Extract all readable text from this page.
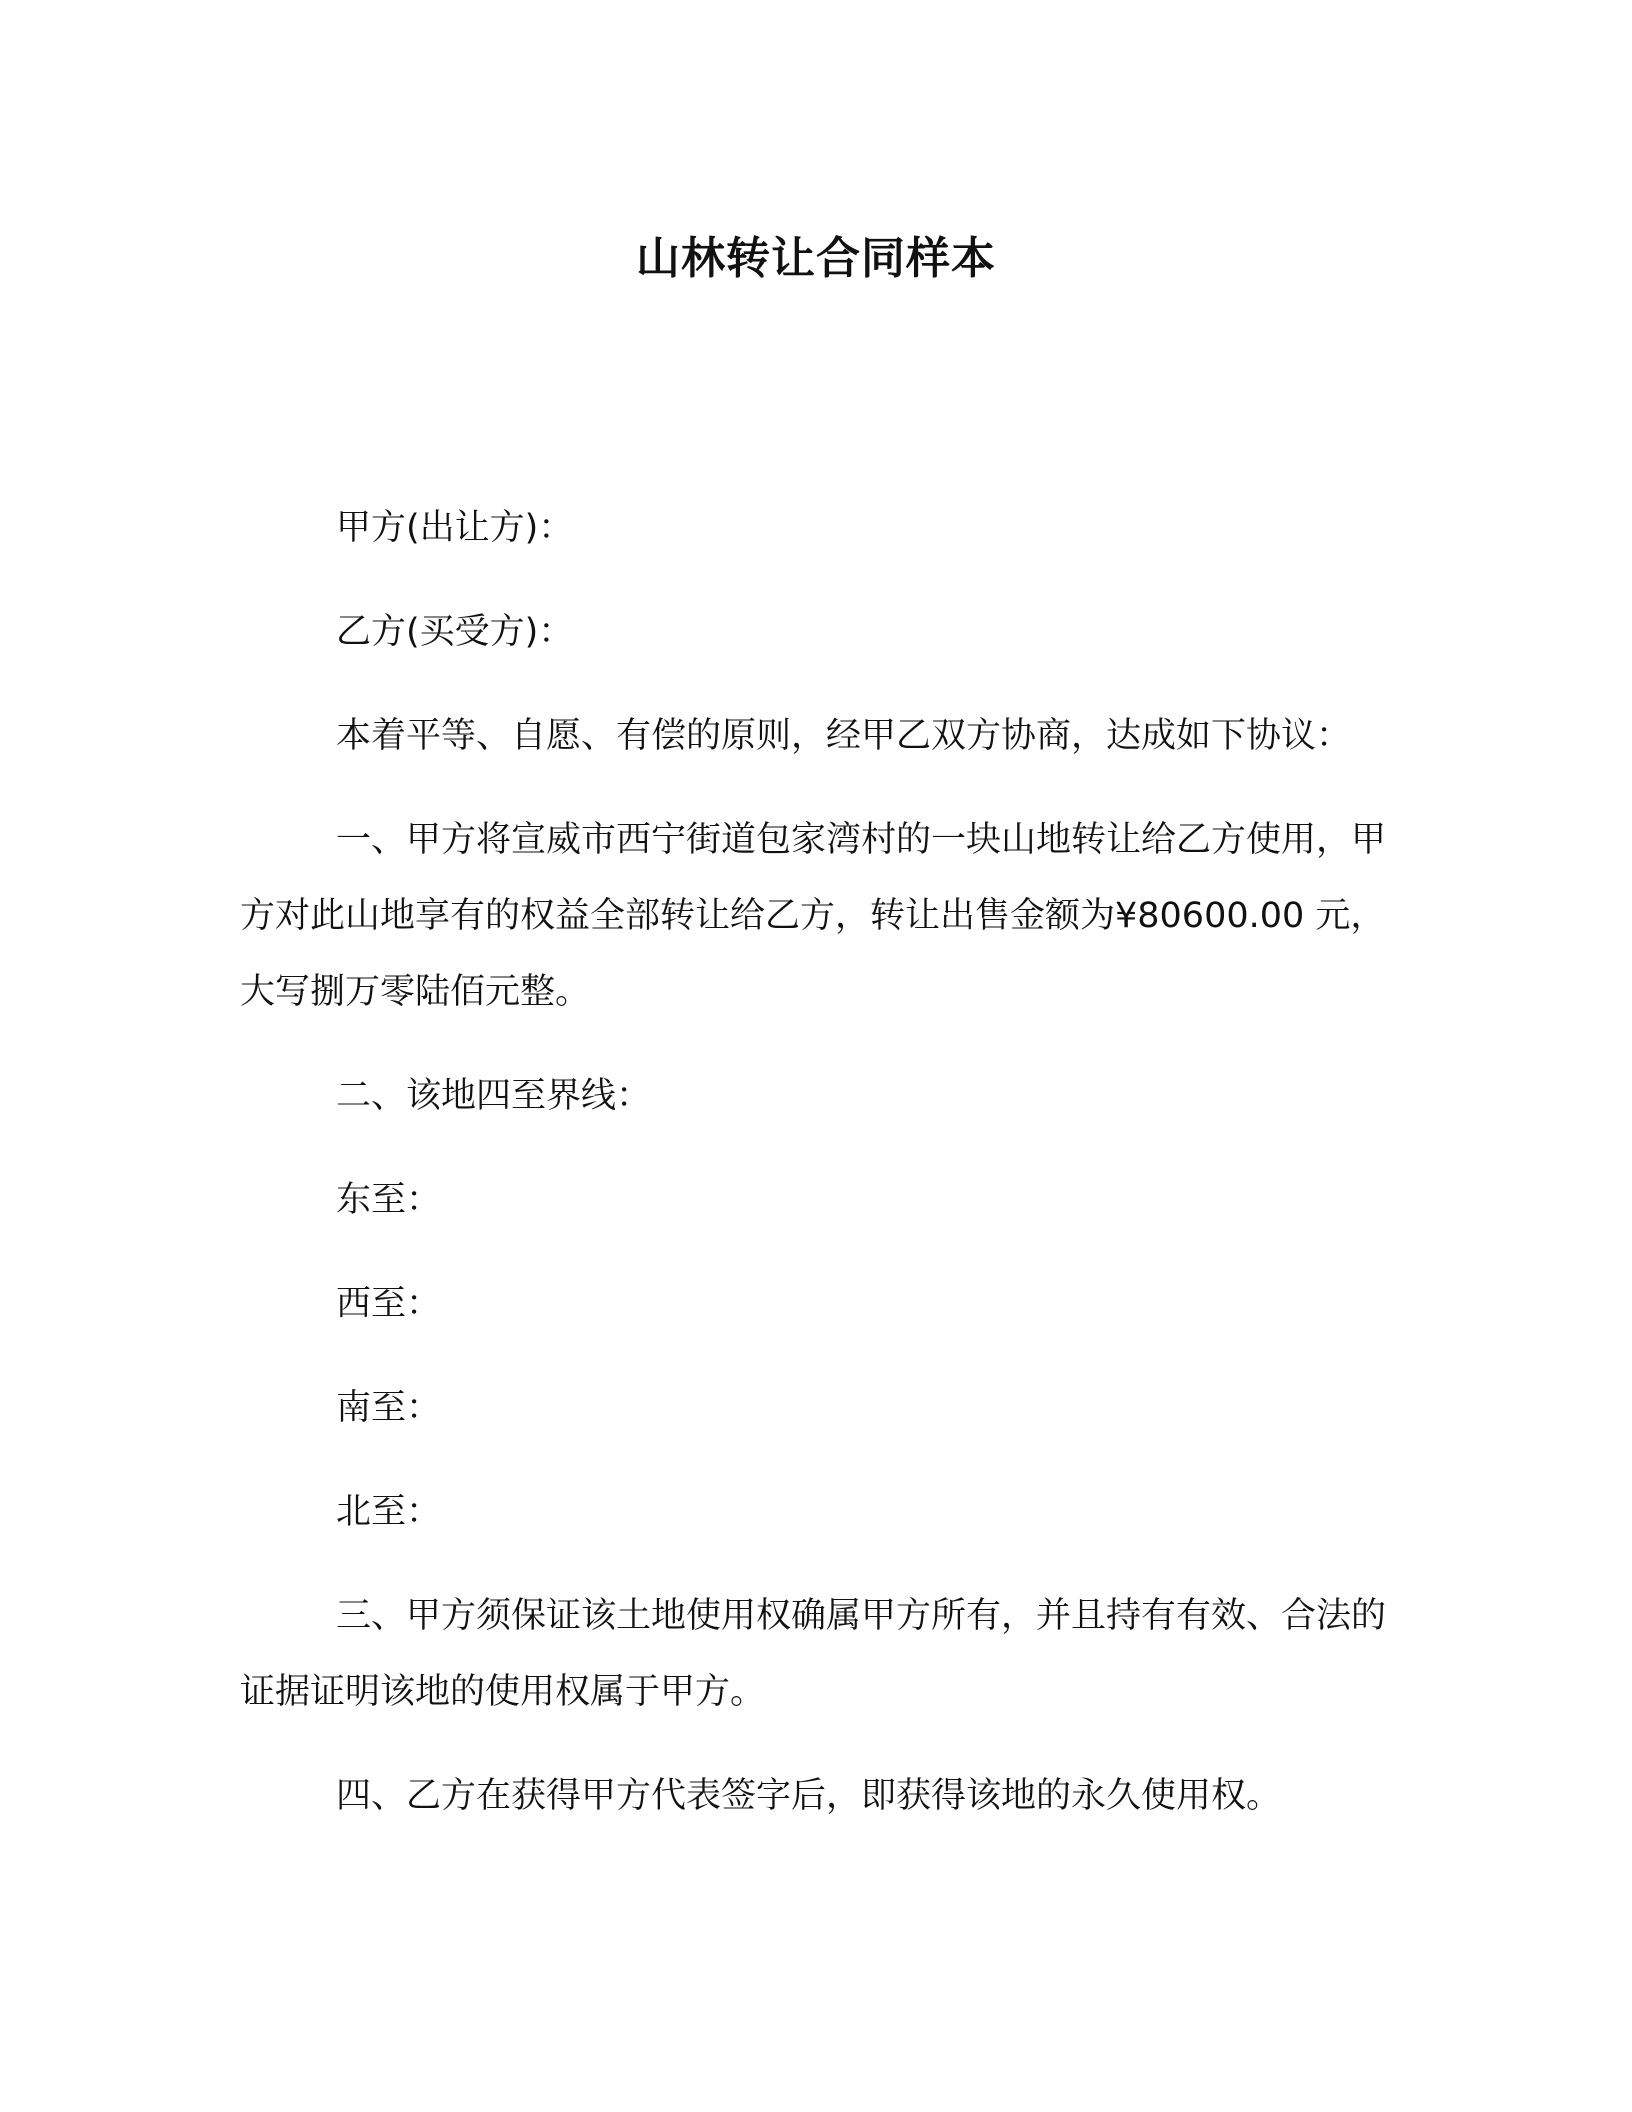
山林转让合同样本

甲方(出让方)：

乙方(买受方)：

本着平等、自愿、有偿的原则，经甲乙双方协商，达成如下协议：

一、甲方将宣威市西宁街道包家湾村的一块山地转让给乙方使用，甲方对此山地享有的权益全部转让给乙方，转让出售金额为¥80600.00 元，大写捌万零陆佰元整。

二、该地四至界线：

东至：

西至：

南至：

北至：

三、甲方须保证该土地使用权确属甲方所有，并且持有有效、合法的证据证明该地的使用权属于甲方。

四、乙方在获得甲方代表签字后，即获得该地的永久使用权。
